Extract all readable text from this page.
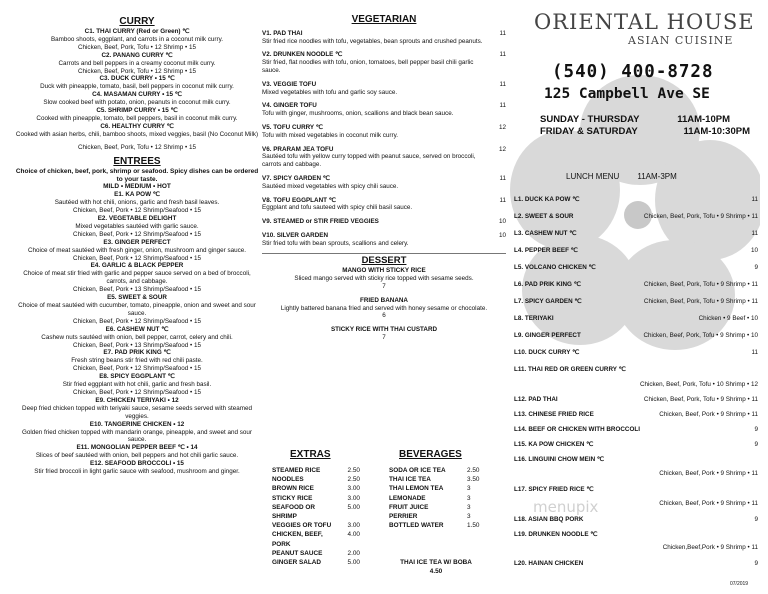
CURRY
C1. THAI CURRY (Red or Green) ℃
Bamboo shoots, eggplant, and carrots in a coconut milk curry.
Chicken, Beef, Pork, Tofu • 12 Shrimp • 15
C2. PANANG CURRY ℃
Carrots and bell peppers in a creamy coconut milk curry.
Chicken, Beef, Pork, Tofu • 12 Shrimp • 15
C3. DUCK CURRY • 15 ℃
Duck with pineapple, tomato, basil, bell peppers in coconut milk curry.
C4. MASAMAN CURRY • 15 ℃
Slow cooked beef with potato, onion, peanuts in coconut milk curry.
C5. SHRIMP CURRY • 15 ℃
Cooked with pineapple, tomato, bell peppers, basil in coconut milk curry.
C6. HEALTHY CURRY ℃
Cooked with asian herbs, chili, bamboo shoots, mixed veggies, basil (No Coconut Milk)
Chicken, Beef, Pork, Tofu • 12 Shrimp • 15
ENTREES
Choice of chicken, beef, pork, shrimp or seafood. Spicy dishes can be ordered to your taste.
MILD • MEDIUM • HOT
E1. KA POW ℃
Sautéed with hot chili, onions, garlic and fresh basil leaves.
Chicken, Beef, Pork • 12 Shrimp/Seafood • 15
E2. VEGETABLE DELIGHT
Mixed vegetables sautéed with garlic sauce.
Chicken, Beef, Pork • 12 Shrimp/Seafood • 15
E3. GINGER PERFECT
Choice of meat sautéed with fresh ginger, onion, mushroom and ginger sauce.
Chicken, Beef, Pork • 12 Shrimp/Seafood • 15
E4. GARLIC & BLACK PEPPER
Choice of meat stir fried with garlic and pepper sauce served on a bed of broccoli, carrots, and cabbage.
Chicken, Beef, Pork • 13 Shrimp/Seafood • 15
E5. SWEET & SOUR
Choice of meat sautéed with cucumber, tomato, pineapple, onion and sweet and sour sauce.
Chicken, Beef, Pork • 12 Shrimp/Seafood • 15
E6. CASHEW NUT ℃
Cashew nuts sautéed with onion, bell pepper, carrot, celery and chili.
Chicken, Beef, Pork • 13 Shrimp/Seafood • 15
E7. PAD PRIK KING ℃
Fresh string beans stir fried with red chili paste.
Chicken, Beef, Pork • 12 Shrimp/Seafood • 15
E8. SPICY EGGPLANT ℃
Stir fried eggplant with hot chili, garlic and fresh basil.
Chicken, Beef, Pork • 12 Shrimp/Seafood • 15
E9. CHICKEN TERIYAKI • 12
Deep fried chicken topped with teriyaki sauce, sesame seeds served with steamed veggies.
E10. TANGERINE CHICKEN • 12
Golden fried chicken topped with mandarin orange, pineapple, and sweet and sour sauce.
E11. MONGOLIAN PEPPER BEEF ℃ • 14
Slices of beef sautéed with onion, bell peppers and hot chili garlic sauce.
E12. SEAFOOD BROCCOLI • 15
Stir fried broccoli in light garlic sauce with seafood, mushroom and ginger.
VEGETARIAN
V1. PAD THAI	11
Stir fried rice noodles with tofu, vegetables, bean sprouts and crushed peanuts.
V2. DRUNKEN NOODLE ℃	11
Stir fried, flat noodles with tofu, onion, tomatoes, bell pepper basil chili garlic sauce.
V3. VEGGIE TOFU	11
Mixed vegetables with tofu and garlic soy sauce.
V4. GINGER TOFU	11
Tofu with ginger, mushrooms, onion, scallions and black bean sauce.
V5. TOFU CURRY ℃	12
Tofu with mixed vegetables in coconut milk curry.
V6. PRARAM JEA TOFU	12
Sautéed tofu with yellow curry topped with peanut sauce, served on broccoli, carrots and cabbage.
V7. SPICY GARDEN ℃	11
Sautéed mixed vegetables with spicy chili sauce.
V8. TOFU EGGPLANT ℃	11
Eggplant and tofu sauteed with spicy chili basil sauce.
V9. STEAMED or STIR FRIED VEGGIES	10
V10. SILVER GARDEN	10
Stir fried tofu with bean sprouts, scallions and celery.
DESSERT
MANGO WITH STICKY RICE
Sliced mango served with sticky rice topped with sesame seeds.
7
FRIED BANANA
Lightly battered banana fried and served with honey sesame or chocolate.
6
STICKY RICE WITH THAI CUSTARD
7
EXTRAS
STEAMED RICE	2.50
NOODLES	2.50
BROWN RICE	3.00
STICKY RICE	3.00
SEAFOOD OR SHRIMP
5.00
VEGGIES OR TOFU	3.00
CHICKEN, BEEF, PORK
4.00
PEANUT SAUCE	2.00
GINGER SALAD	5.00
BEVERAGES
SODA OR ICE TEA	2.50
THAI ICE TEA	3.50
THAI LEMON TEA	3
LEMONADE	3
FRUIT JUICE	3
PERRIER	3
BOTTLED WATER	1.50
THAI ICE TEA W/ BOBA
4.50
ORIENTAL HOUSE
ASIAN CUISINE
(540) 400-8728
125 Campbell Ave SE
SUNDAY - THURSDAY	11AM-10PM
FRIDAY & SATURDAY	11AM-10:30PM
LUNCH MENU 11AM-3PM
L1. DUCK KA POW ℃	11
L2. SWEET & SOUR	Chicken, Beef, Pork, Tofu • 9 Shrimp • 11
L3. CASHEW NUT ℃	11
L4. PEPPER BEEF ℃	10
L5. VOLCANO CHICKEN ℃	9
L6. PAD PRIK KING ℃	Chicken, Beef, Pork, Tofu • 9 Shrimp • 11
L7. SPICY GARDEN ℃	Chicken, Beef, Pork, Tofu • 9 Shrimp • 11
L8. TERIYAKI	Chicken • 9 Beef • 10
L9. GINGER PERFECT	Chicken, Beef, Pork, Tofu • 9 Shrimp • 10
L10. DUCK CURRY ℃	11
L11. THAI RED OR GREEN CURRY ℃
Chicken, Beef, Pork, Tofu • 10 Shrimp • 12
L12. PAD THAI	Chicken, Beef, Pork, Tofu • 9 Shrimp • 11
L13. CHINESE FRIED RICE	Chicken, Beef, Pork • 9 Shrimp • 11
L14. BEEF OR CHICKEN WITH BROCCOLI	9
L15. KA POW CHICKEN ℃	9
L16. LINGUINI CHOW MEIN ℃
Chicken, Beef, Pork • 9 Shrimp • 11
L17. SPICY FRIED RICE ℃
Chicken, Beef, Pork • 9 Shrimp • 11
L18. ASIAN BBQ PORK	9
L19. DRUNKEN NOODLE ℃
Chicken,Beef,Pork • 9 Shrimp • 11
L20. HAINAN CHICKEN	9
07/2019
menupix
